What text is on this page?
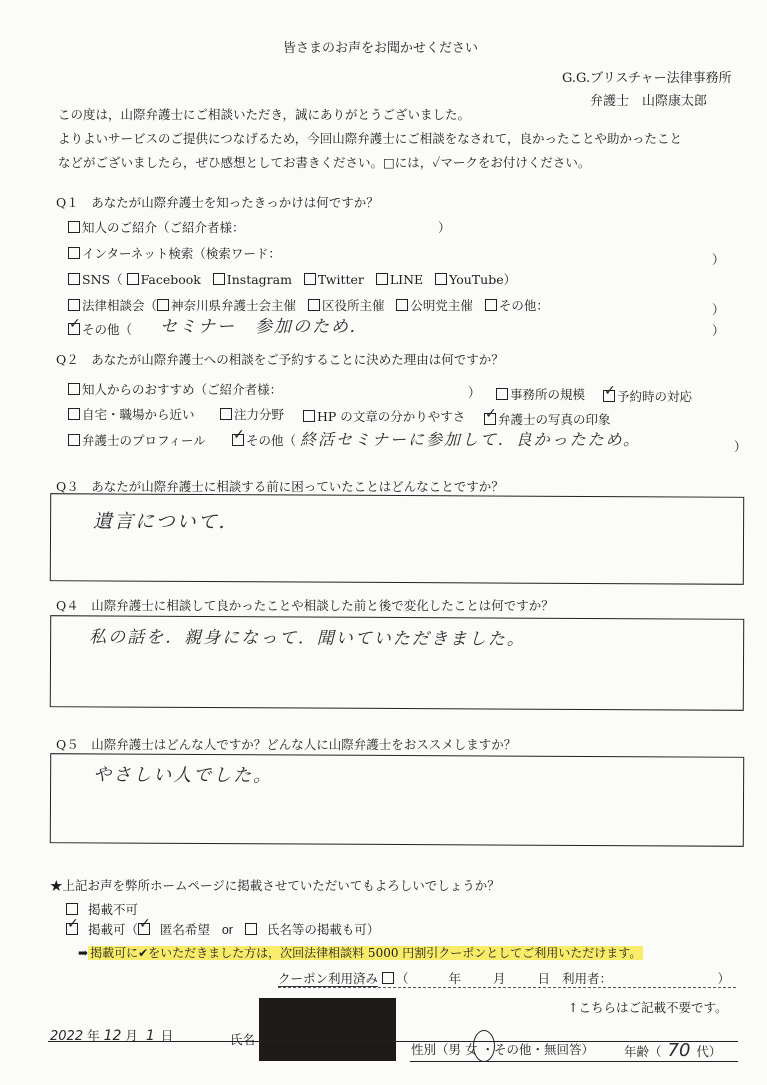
皆さまのお声をお聞かせください
G.G.ブリスチャー法律事務所
弁護士　山際康太郎
この度は，山際弁護士にご相談いただき，誠にありがとうございました。
よりよいサービスのご提供につなげるため，今回山際弁護士にご相談をなされて，良かったことや助かったこと
などがございましたら，ぜひ感想としてお書きください。□には，✓マークをお付けください。
Q１　あなたが山際弁護士を知ったきっかけは何ですか？
知人のご紹介（ご紹介者様：	）
インターネット検索（検索ワード：	）
SNS（ Facebook Instagram Twitter LINE YouTube）
法律相談会（ 神奈川県弁護士会主催 区役所主催 公明党主催 その他：	）
✓その他（ セミナー　参加のため．	）
Q２　あなたが山際弁護士への相談をご予約することに決めた理由は何ですか？
知人からのおすすめ（ご紹介者様：	）	事務所の規模 ✓	予約時の対応
自宅・職場から近い	注力分野	HP の文章の分かりやすさ ✓	弁護士の写真の印象
弁護士のプロフィール ✓	その他（ 終活セミナーに参加して．良かったため。	）
Q３　あなたが山際弁護士に相談する前に困っていたことはどんなことですか？
遺言について．
Q４　山際弁護士に相談して良かったことや相談した前と後で変化したことは何ですか？
私の話を．親身になって．聞いていただきました。
Q５　山際弁護士はどんな人ですか？どんな人に山際弁護士をおススメしますか？
やさしい人でした。
★上記お声を弊所ホームページに掲載させていただいてもよろしいでしょうか？
掲載不可
✓  掲載可（ ✓ 匿名希望 or	氏名等の掲載も可）
➡ 掲載可に✔をいただきました方は，次回法律相談料 5000 円割引クーポンとしてご利用いただけます。
クーポン利用済み （	年	月	日 利用者：	）
↑こちらはご記載不要です。
2022 年 12 月 1 日	氏名
性別（男 女 ・その他・無回答） 年齢（ 70 代）
